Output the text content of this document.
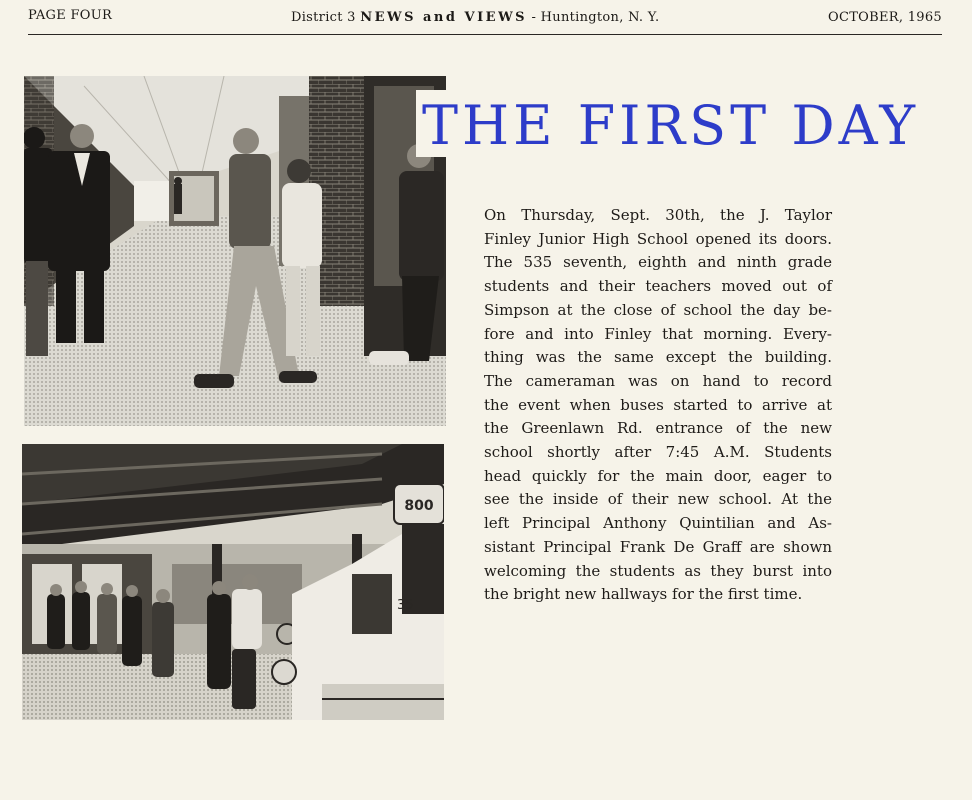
PAGE FOUR	District 3 NEWS and VIEWS - Huntington, N. Y.	OCTOBER, 1965
800
35
THE FIRST DAY
On Thursday, Sept. 30th, the J. Taylor
Finley Junior High School opened its doors.
The 535 seventh, eighth and ninth grade
students and their teachers moved out of
Simpson at the close of school the day be-
fore and into Finley that morning. Every-
thing was the same except the building.
The cameraman was on hand to record
the event when buses started to arrive at
the Greenlawn Rd. entrance of the new
school shortly after 7:45 A.M. Students
head quickly for the main door, eager to
see the inside of their new school. At the
left Principal Anthony Quintilian and As-
sistant Principal Frank De Graff are shown
welcoming the students as they burst into
the bright new hallways for the first time.
